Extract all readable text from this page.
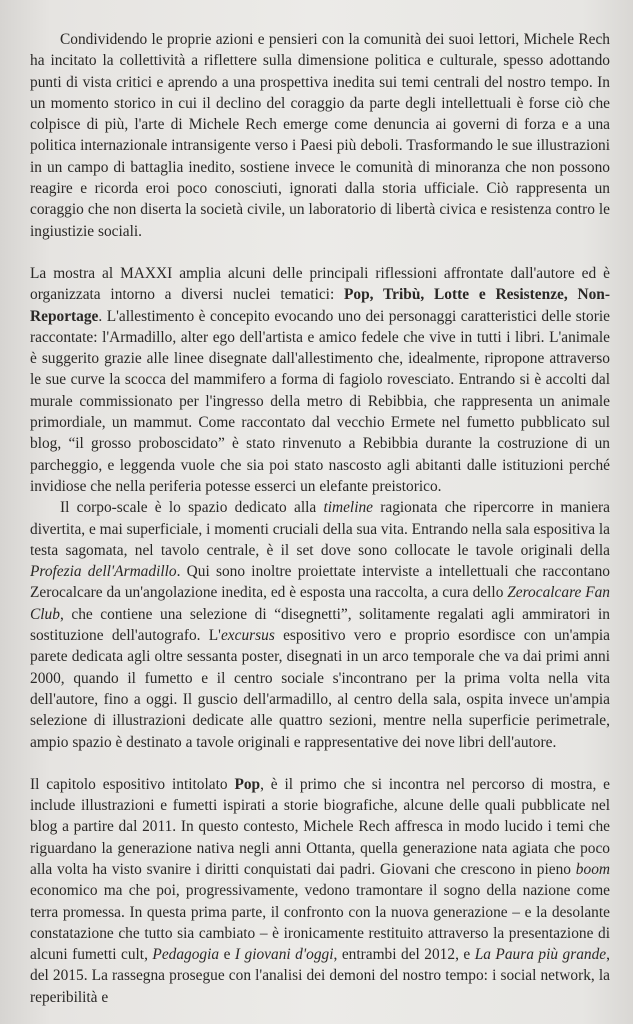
Condividendo le proprie azioni e pensieri con la comunità dei suoi lettori, Michele Rech ha incitato la collettività a riflettere sulla dimensione politica e culturale, spesso adottando punti di vista critici e aprendo a una prospettiva inedita sui temi centrali del nostro tempo. In un momento storico in cui il declino del coraggio da parte degli intellettuali è forse ciò che colpisce di più, l'arte di Michele Rech emerge come denuncia ai governi di forza e a una politica internazionale intransigente verso i Paesi più deboli. Trasformando le sue illustrazioni in un campo di battaglia inedito, sostiene invece le comunità di minoranza che non possono reagire e ricorda eroi poco conosciuti, ignorati dalla storia ufficiale. Ciò rappresenta un coraggio che non diserta la società civile, un laboratorio di libertà civica e resistenza contro le ingiustizie sociali.

La mostra al MAXXI amplia alcuni delle principali riflessioni affrontate dall'autore ed è organizzata intorno a diversi nuclei tematici: Pop, Tribù, Lotte e Resistenze, Non-Reportage. L'allestimento è concepito evocando uno dei personaggi caratteristici delle storie raccontate: l'Armadillo, alter ego dell'artista e amico fedele che vive in tutti i libri. L'animale è suggerito grazie alle linee disegnate dall'allestimento che, idealmente, ripropone attraverso le sue curve la scocca del mammifero a forma di fagiolo rovesciato. Entrando si è accolti dal murale commissionato per l'ingresso della metro di Rebibbia, che rappresenta un animale primordiale, un mammut. Come raccontato dal vecchio Ermete nel fumetto pubblicato sul blog, “il grosso proboscidato” è stato rinvenuto a Rebibbia durante la costruzione di un parcheggio, e leggenda vuole che sia poi stato nascosto agli abitanti dalle istituzioni perché invidiose che nella periferia potesse esserci un elefante preistorico.

Il corpo-scale è lo spazio dedicato alla timeline ragionata che ripercorre in maniera divertita, e mai superficiale, i momenti cruciali della sua vita. Entrando nella sala espositiva la testa sagomata, nel tavolo centrale, è il set dove sono collocate le tavole originali della Profezia dell'Armadillo. Qui sono inoltre proiettate interviste a intellettuali che raccontano Zerocalcare da un'angolazione inedita, ed è esposta una raccolta, a cura dello Zerocalcare Fan Club, che contiene una selezione di “disegnetti”, solitamente regalati agli ammiratori in sostituzione dell'autografo. L'excursus espositivo vero e proprio esordisce con un'ampia parete dedicata agli oltre sessanta poster, disegnati in un arco temporale che va dai primi anni 2000, quando il fumetto e il centro sociale s'incontrano per la prima volta nella vita dell'autore, fino a oggi. Il guscio dell'armadillo, al centro della sala, ospita invece un'ampia selezione di illustrazioni dedicate alle quattro sezioni, mentre nella superficie perimetrale, ampio spazio è destinato a tavole originali e rappresentative dei nove libri dell'autore.

Il capitolo espositivo intitolato Pop, è il primo che si incontra nel percorso di mostra, e include illustrazioni e fumetti ispirati a storie biografiche, alcune delle quali pubblicate nel blog a partire dal 2011. In questo contesto, Michele Rech affresca in modo lucido i temi che riguardano la generazione nativa negli anni Ottanta, quella generazione nata agiata che poco alla volta ha visto svanire i diritti conquistati dai padri. Giovani che crescono in pieno boom economico ma che poi, progressivamente, vedono tramontare il sogno della nazione come terra promessa. In questa prima parte, il confronto con la nuova generazione – e la desolante constatazione che tutto sia cambiato – è ironicamente restituito attraverso la presentazione di alcuni fumetti cult, Pedagogia e I giovani d'oggi, entrambi del 2012, e La Paura più grande, del 2015. La rassegna prosegue con l'analisi dei demoni del nostro tempo: i social network, la reperibilità e
